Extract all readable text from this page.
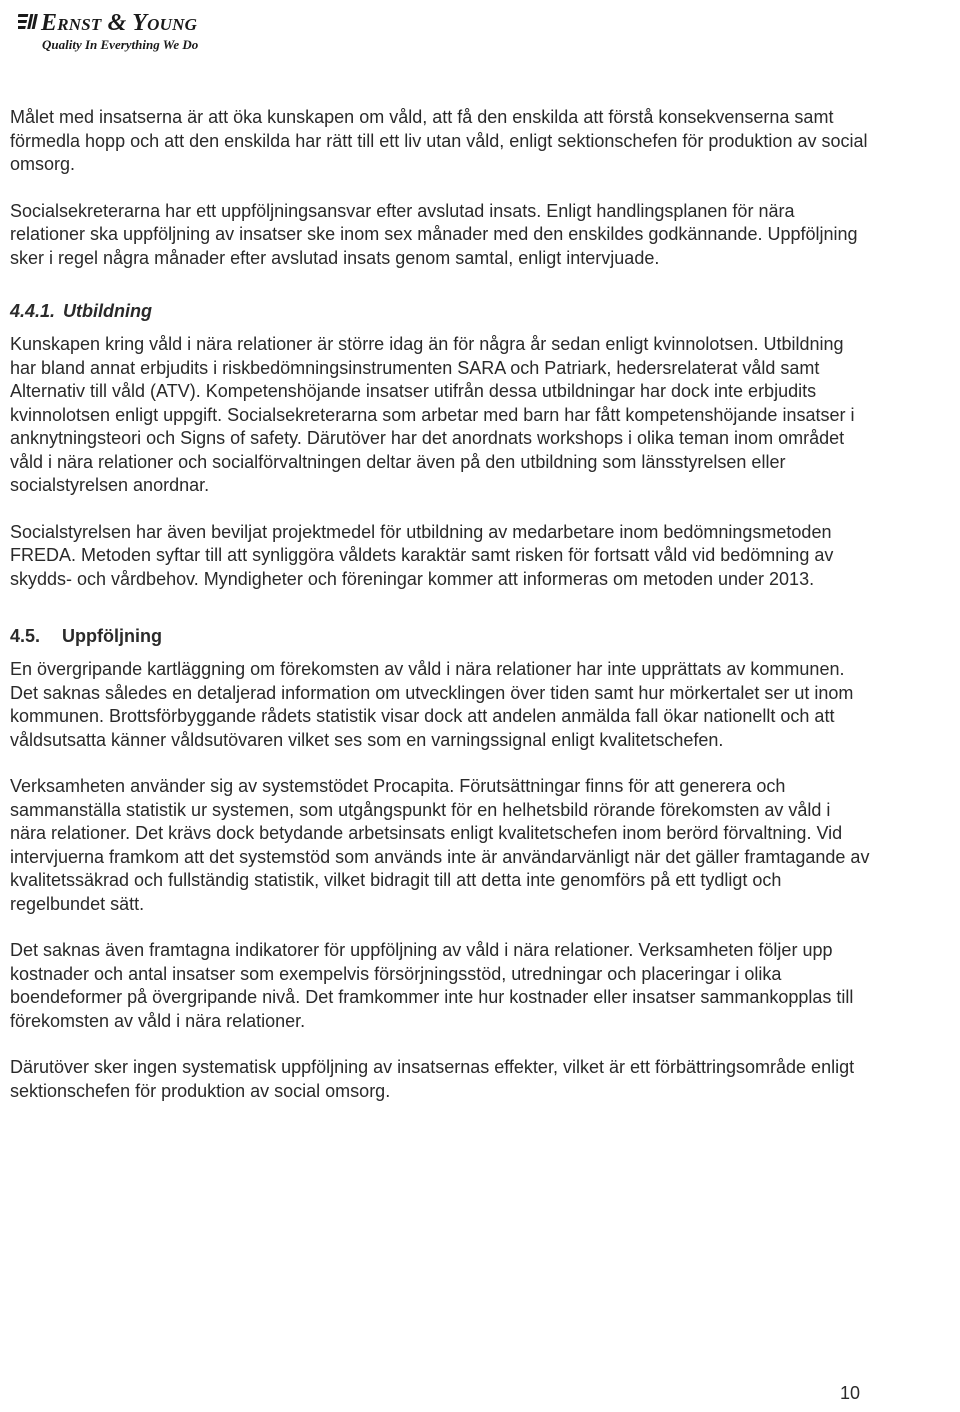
Ernst & Young
Quality In Everything We Do

Målet med insatserna är att öka kunskapen om våld, att få den enskilda att förstå konsekvenserna samt förmedla hopp och att den enskilda har rätt till ett liv utan våld, enligt sektionschefen för produktion av social omsorg.

Socialsekreterarna har ett uppföljningsansvar efter avslutad insats. Enligt handlingsplanen för nära relationer ska uppföljning av insatser ske inom sex månader med den enskildes godkännande. Uppföljning sker i regel några månader efter avslutad insats genom samtal, enligt intervjuade.

4.4.1. Utbildning

Kunskapen kring våld i nära relationer är större idag än för några år sedan enligt kvinnolotsen. Utbildning har bland annat erbjudits i riskbedömningsinstrumenten SARA och Patriark, hedersrelaterat våld samt Alternativ till våld (ATV). Kompetenshöjande insatser utifrån dessa utbildningar har dock inte erbjudits kvinnolotsen enligt uppgift. Socialsekreterarna som arbetar med barn har fått kompetenshöjande insatser i anknytningsteori och Signs of safety. Därutöver har det anordnats workshops i olika teman inom området våld i nära relationer och socialförvaltningen deltar även på den utbildning som länsstyrelsen eller socialstyrelsen anordnar.

Socialstyrelsen har även beviljat projektmedel för utbildning av medarbetare inom bedömningsmetoden FREDA. Metoden syftar till att synliggöra våldets karaktär samt risken för fortsatt våld vid bedömning av skydds- och vårdbehov. Myndigheter och föreningar kommer att informeras om metoden under 2013.

4.5. Uppföljning

En övergripande kartläggning om förekomsten av våld i nära relationer har inte upprättats av kommunen. Det saknas således en detaljerad information om utvecklingen över tiden samt hur mörkertalet ser ut inom kommunen. Brottsförbyggande rådets statistik visar dock att andelen anmälda fall ökar nationellt och att våldsutsatta känner våldsutövaren vilket ses som en varningssignal enligt kvalitetschefen.

Verksamheten använder sig av systemstödet Procapita. Förutsättningar finns för att generera och sammanställa statistik ur systemen, som utgångspunkt för en helhetsbild rörande förekomsten av våld i nära relationer. Det krävs dock betydande arbetsinsats enligt kvalitetschefen inom berörd förvaltning. Vid intervjuerna framkom att det systemstöd som används inte är användarvänligt när det gäller framtagande av kvalitetssäkrad och fullständig statistik, vilket bidragit till att detta inte genomförs på ett tydligt och regelbundet sätt.

Det saknas även framtagna indikatorer för uppföljning av våld i nära relationer. Verksamheten följer upp kostnader och antal insatser som exempelvis försörjningsstöd, utredningar och placeringar i olika boendeformer på övergripande nivå. Det framkommer inte hur kostnader eller insatser sammankopplas till förekomsten av våld i nära relationer.

Därutöver sker ingen systematisk uppföljning av insatsernas effekter, vilket är ett förbättringsområde enligt sektionschefen för produktion av social omsorg.

10
